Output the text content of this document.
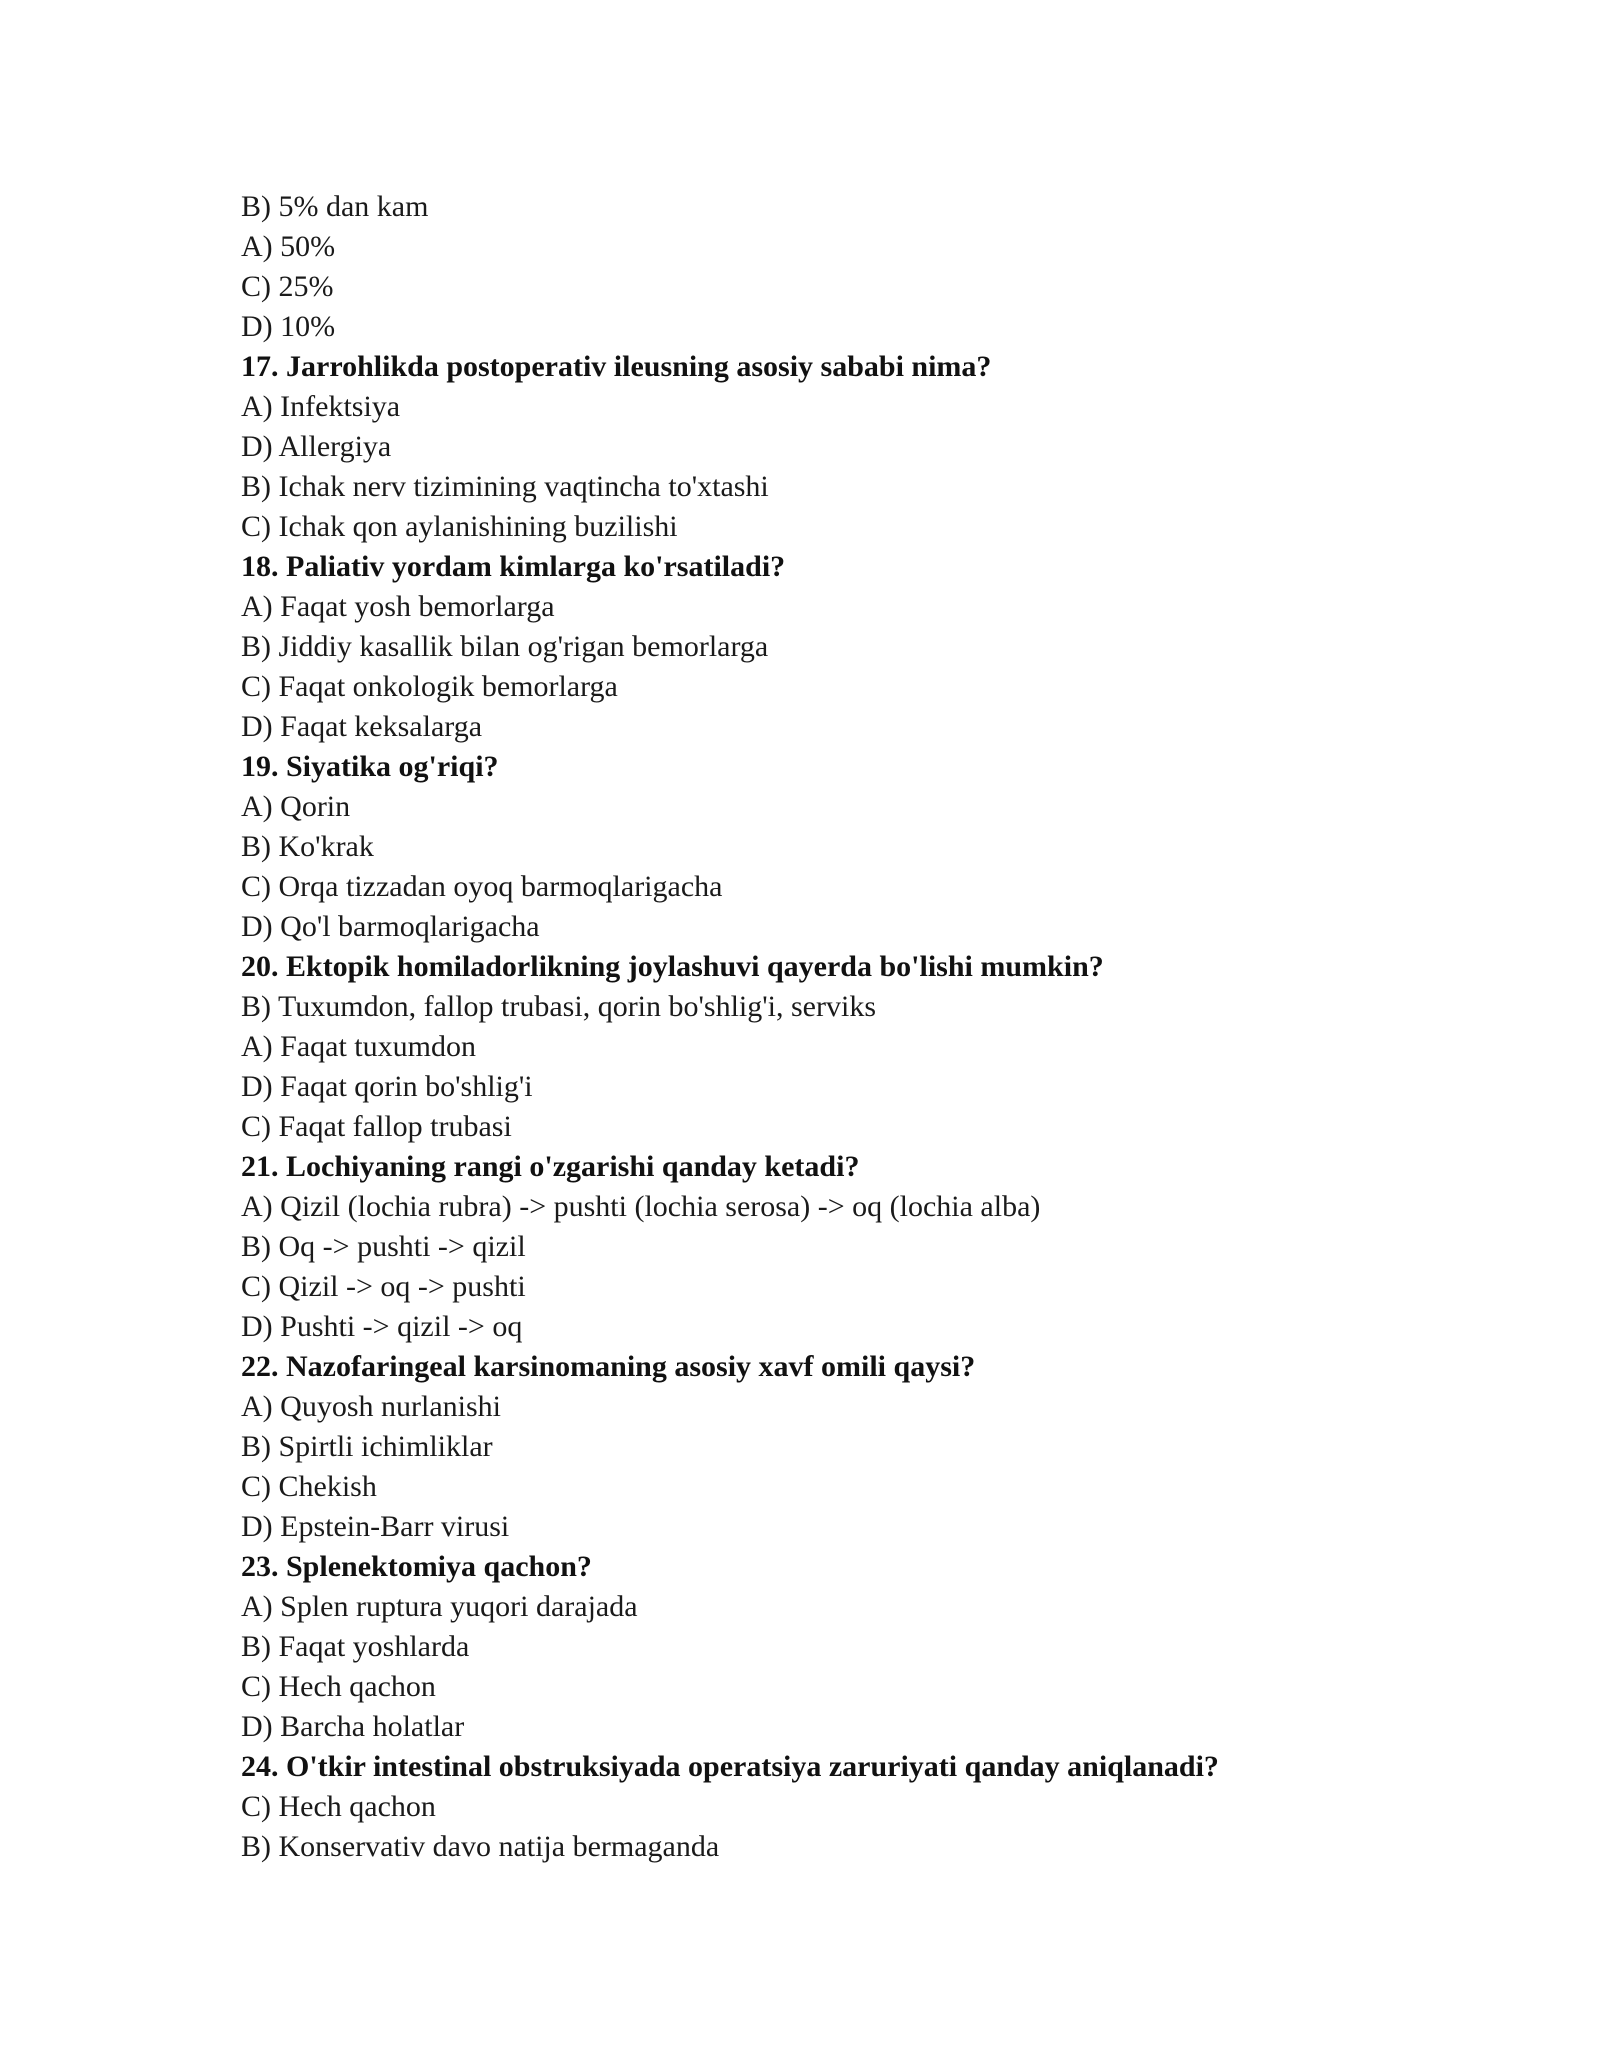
B) 5% dan kam
A) 50%
C) 25%
D) 10%
17. Jarrohlikda postoperativ ileusning asosiy sababi nima?
A) Infektsiya
D) Allergiya
B) Ichak nerv tizimining vaqtincha to'xtashi
C) Ichak qon aylanishining buzilishi
18. Paliativ yordam kimlarga ko'rsatiladi?
A) Faqat yosh bemorlarga
B) Jiddiy kasallik bilan og'rigan bemorlarga
C) Faqat onkologik bemorlarga
D) Faqat keksalarga
19. Siyatika og'riqi?
A) Qorin
B) Ko'krak
C) Orqa tizzadan oyoq barmoqlarigacha
D) Qo'l barmoqlarigacha
20. Ektopik homiladorlikning joylashuvi qayerda bo'lishi mumkin?
B) Tuxumdon, fallop trubasi, qorin bo'shlig'i, serviks
A) Faqat tuxumdon
D) Faqat qorin bo'shlig'i
C) Faqat fallop trubasi
21. Lochiyaning rangi o'zgarishi qanday ketadi?
A) Qizil (lochia rubra) -> pushti (lochia serosa) -> oq (lochia alba)
B) Oq -> pushti -> qizil
C) Qizil -> oq -> pushti
D) Pushti -> qizil -> oq
22. Nazofaringeal karsinomaning asosiy xavf omili qaysi?
A) Quyosh nurlanishi
B) Spirtli ichimliklar
C) Chekish
D) Epstein-Barr virusi
23. Splenektomiya qachon?
A) Splen ruptura yuqori darajada
B) Faqat yoshlarda
C) Hech qachon
D) Barcha holatlar
24. O'tkir intestinal obstruksiyada operatsiya zaruriyati qanday aniqlanadi?
C) Hech qachon
B) Konservativ davo natija bermaganda
